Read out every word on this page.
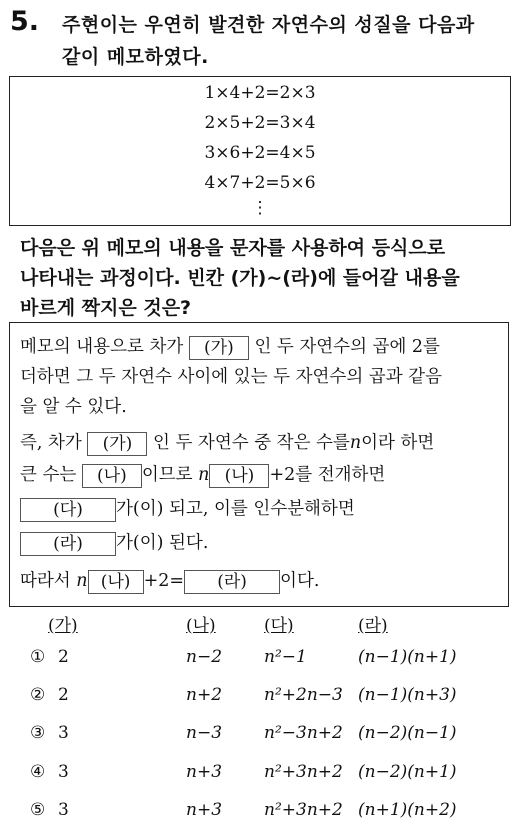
5. 주현이는 우연히 발견한 자연수의 성질을 다음과
같이 메모하였다.
1×4+2=2×3
2×5+2=3×4
3×6+2=4×5
4×7+2=5×6
⋮
다음은 위 메모의 내용을 문자를 사용하여 등식으로
나타내는 과정이다. 빈칸 (가)~(라)에 들어갈 내용을
바르게 짝지은 것은?
메모의 내용으로 차가 (가) 인 두 자연수의 곱에 2를
더하면 그 두 자연수 사이에 있는 두 자연수의 곱과 같음
을 알 수 있다.
즉, 차가 (가) 인 두 자연수 중 작은 수를n이라 하면
큰 수는 (나) 이므로 n (나) +2를 전개하면
(다) 가(이) 되고, 이를 인수분해하면
(라) 가(이) 된다.
따라서 n (나) +2= (라) 이다.
(가)	(나)	(다)	(라)
① 2	n−2 n²−1	(n−1)(n+1)
② 2	n+2 n²+2n−3 (n−1)(n+3)
③ 3	n−3 n²−3n+2 (n−2)(n−1)
④ 3	n+3 n²+3n+2 (n−2)(n+1)
⑤ 3	n+3 n²+3n+2 (n+1)(n+2)
